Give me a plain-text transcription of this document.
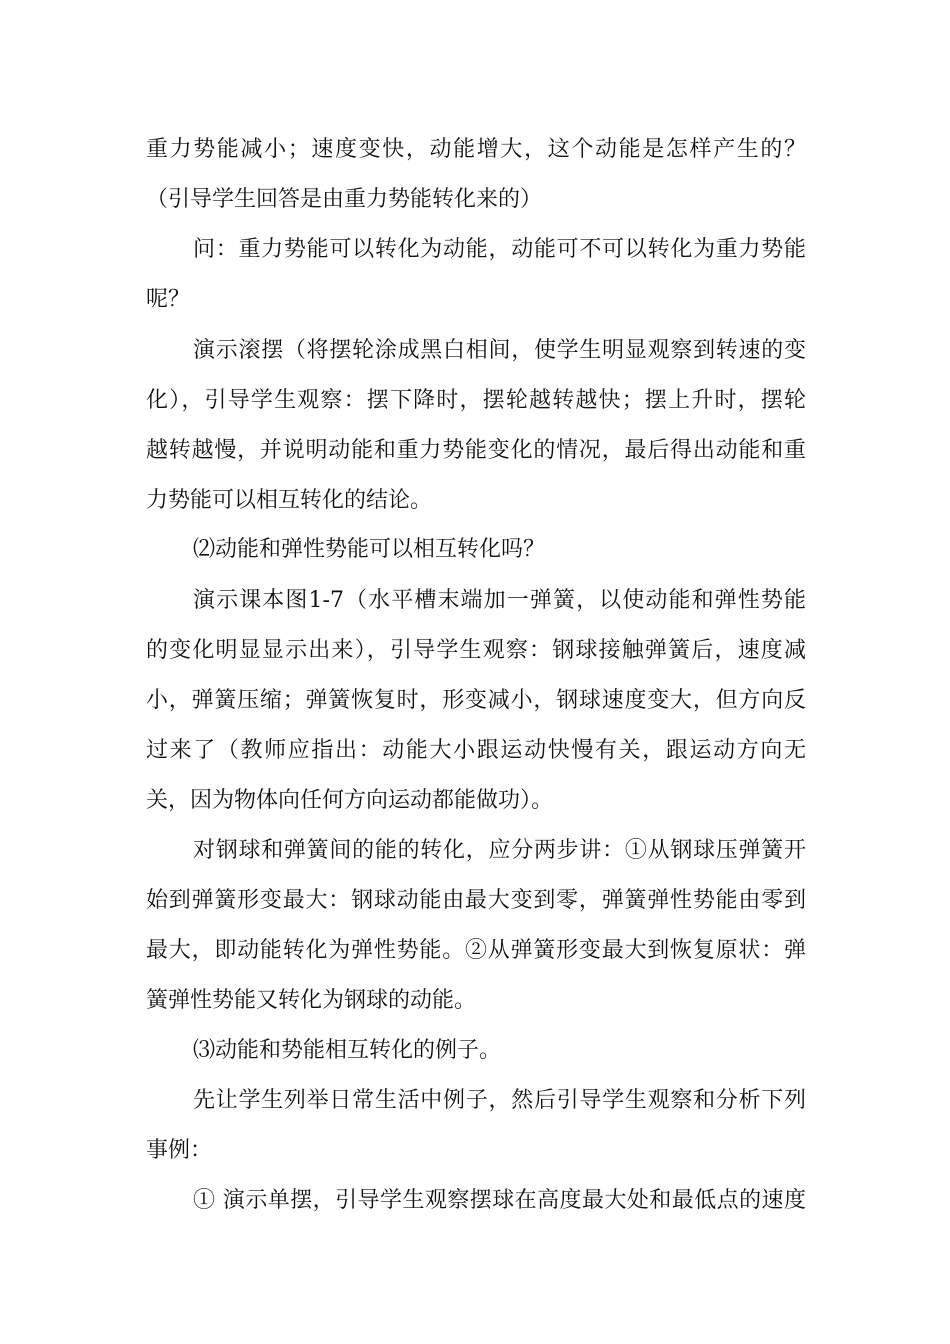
重力势能减小；速度变快，动能增大，这个动能是怎样产生的？
（引导学生回答是由重力势能转化来的）
问：重力势能可以转化为动能，动能可不可以转化为重力势能
呢？
演示滚摆（将摆轮涂成黑白相间，使学生明显观察到转速的变
化），引导学生观察：摆下降时，摆轮越转越快；摆上升时，摆轮
越转越慢，并说明动能和重力势能变化的情况，最后得出动能和重
力势能可以相互转化的结论。
⑵动能和弹性势能可以相互转化吗？
演示课本图1-7（水平槽末端加一弹簧，以使动能和弹性势能
的变化明显显示出来），引导学生观察：钢球接触弹簧后，速度减
小，弹簧压缩；弹簧恢复时，形变减小，钢球速度变大，但方向反
过来了（教师应指出：动能大小跟运动快慢有关，跟运动方向无
关，因为物体向任何方向运动都能做功）。
对钢球和弹簧间的能的转化，应分两步讲：①从钢球压弹簧开
始到弹簧形变最大：钢球动能由最大变到零，弹簧弹性势能由零到
最大，即动能转化为弹性势能。②从弹簧形变最大到恢复原状：弹
簧弹性势能又转化为钢球的动能。
⑶动能和势能相互转化的例子。
先让学生列举日常生活中例子，然后引导学生观察和分析下列
事例：
① 演示单摆，引导学生观察摆球在高度最大处和最低点的速度
